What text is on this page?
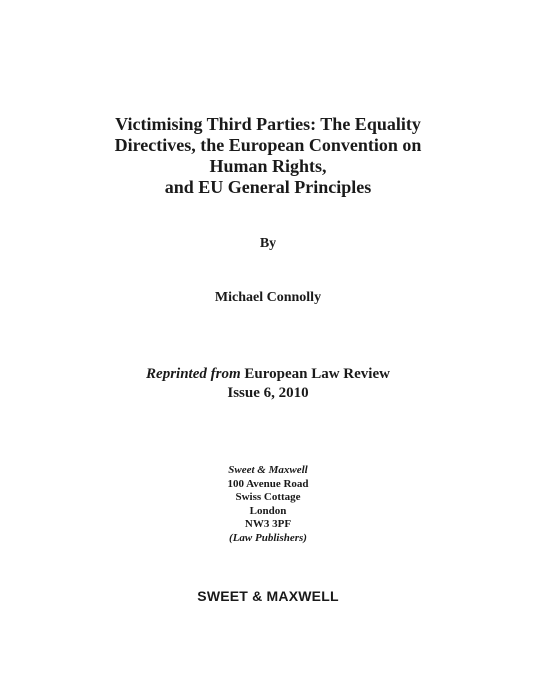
Victimising Third Parties: The Equality
Directives, the European Convention on
Human Rights,
and EU General Principles
By
Michael Connolly
Reprinted from European Law Review
Issue 6, 2010
Sweet & Maxwell
100 Avenue Road
Swiss Cottage
London
NW3 3PF
(Law Publishers)
SWEET & MAXWELL
